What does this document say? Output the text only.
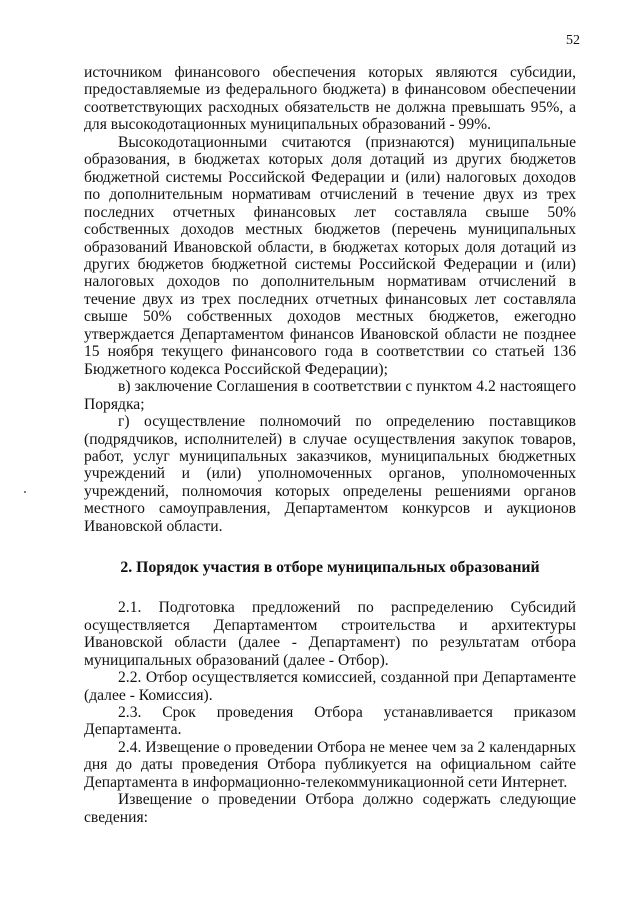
52

источником финансового обеспечения которых являются субсидии, предоставляемые из федерального бюджета) в финансовом обеспечении соответствующих расходных обязательств не должна превышать 95%, а для высокодотационных муниципальных образований - 99%.

Высокодотационными считаются (признаются) муниципальные образования, в бюджетах которых доля дотаций из других бюджетов бюджетной системы Российской Федерации и (или) налоговых доходов по дополнительным нормативам отчислений в течение двух из трех последних отчетных финансовых лет составляла свыше 50% собственных доходов местных бюджетов (перечень муниципальных образований Ивановской области, в бюджетах которых доля дотаций из других бюджетов бюджетной системы Российской Федерации и (или) налоговых доходов по дополнительным нормативам отчислений в течение двух из трех последних отчетных финансовых лет составляла свыше 50% собственных доходов местных бюджетов, ежегодно утверждается Департаментом финансов Ивановской области не позднее 15 ноября текущего финансового года в соответствии со статьей 136 Бюджетного кодекса Российской Федерации);

в) заключение Соглашения в соответствии с пунктом 4.2 настоящего Порядка;

г) осуществление полномочий по определению поставщиков (подрядчиков, исполнителей) в случае осуществления закупок товаров, работ, услуг муниципальных заказчиков, муниципальных бюджетных учреждений и (или) уполномоченных органов, уполномоченных учреждений, полномочия которых определены решениями органов местного самоуправления, Департаментом конкурсов и аукционов Ивановской области.

2. Порядок участия в отборе муниципальных образований

2.1. Подготовка предложений по распределению Субсидий осуществляется Департаментом строительства и архитектуры Ивановской области (далее - Департамент) по результатам отбора муниципальных образований (далее - Отбор).

2.2. Отбор осуществляется комиссией, созданной при Департаменте (далее - Комиссия).

2.3. Срок проведения Отбора устанавливается приказом Департамента.

2.4. Извещение о проведении Отбора не менее чем за 2 календарных дня до даты проведения Отбора публикуется на официальном сайте Департамента в информационно-телекоммуникационной сети Интернет.

Извещение о проведении Отбора должно содержать следующие сведения:
